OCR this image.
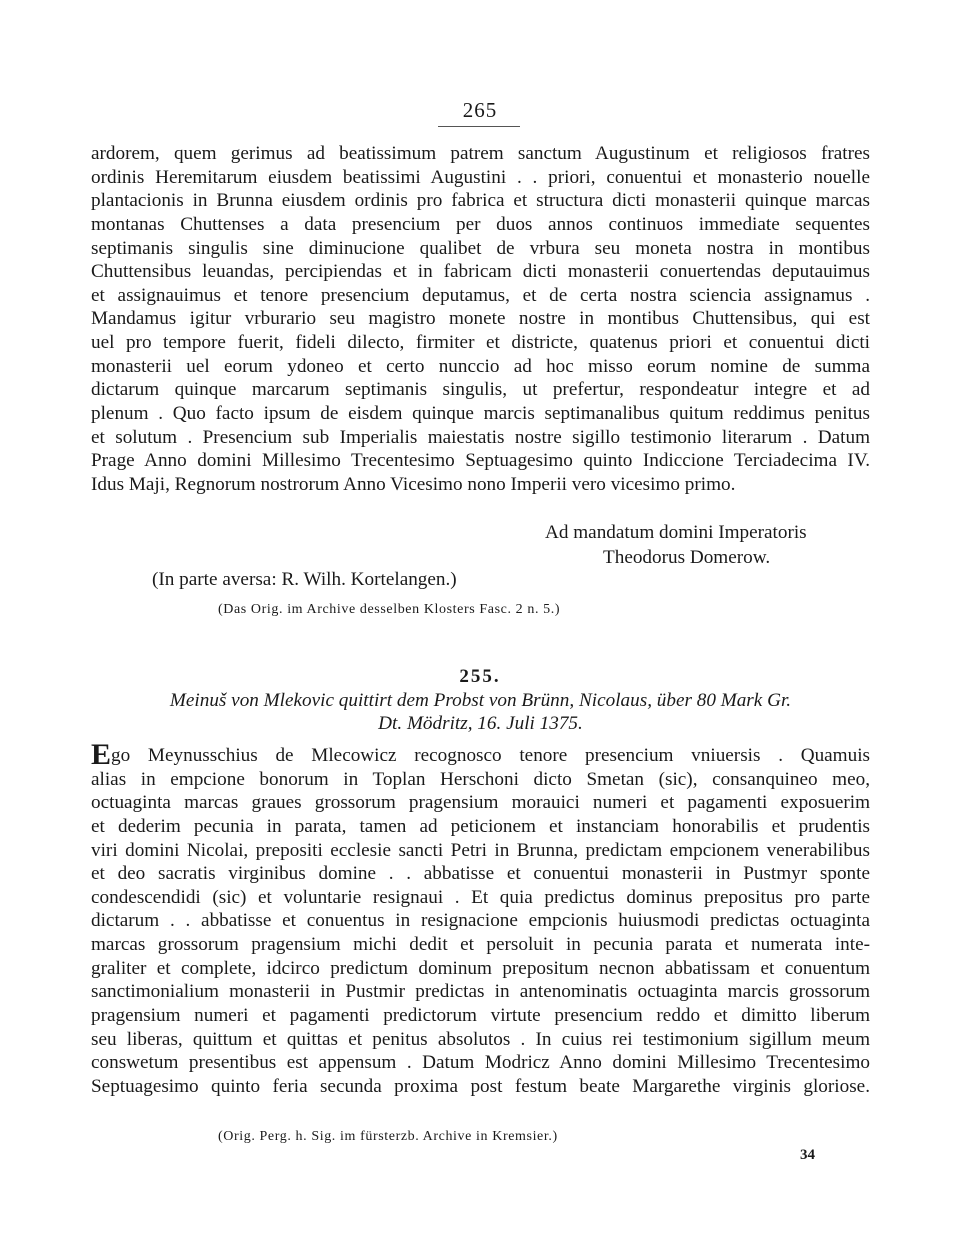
265
ardorem, quem gerimus ad beatissimum patrem sanctum Augustinum et religiosos fratres
ordinis Heremitarum eiusdem beatissimi Augustini . . priori, conuentui et monasterio nouelle
plantacionis in Brunna eiusdem ordinis pro fabrica et structura dicti monasterii quinque marcas
montanas Chuttenses a data presencium per duos annos continuos immediate sequentes
septimanis singulis sine diminucione qualibet de vrbura seu moneta nostra in montibus
Chuttensibus leuandas, percipiendas et in fabricam dicti monasterii conuertendas deputauimus
et assignauimus et tenore presencium deputamus, et de certa nostra sciencia assignamus .
Mandamus igitur vrburario seu magistro monete nostre in montibus Chuttensibus, qui est
uel pro tempore fuerit, fideli dilecto, firmiter et districte, quatenus priori et conuentui dicti
monasterii uel eorum ydoneo et certo nunccio ad hoc misso eorum nomine de summa
dictarum quinque marcarum septimanis singulis, ut prefertur, respondeatur integre et ad
plenum . Quo facto ipsum de eisdem quinque marcis septimanalibus quitum reddimus penitus
et solutum . Presencium sub Imperialis maiestatis nostre sigillo testimonio literarum . Datum
Prage Anno domini Millesimo Trecentesimo Septuagesimo quinto Indiccione Terciadecima IV.
Idus Maji, Regnorum nostrorum Anno Vicesimo nono Imperii vero vicesimo primo.
Ad mandatum domini Imperatoris
Theodorus Domerow.
(In parte aversa: R. Wilh. Kortelangen.)
(Das Orig. im Archive desselben Klosters Fasc. 2 n. 5.)
255.
Meinuš von Mlekovic quittirt dem Probst von Brünn, Nicolaus, über 80 Mark Gr.
Dt. Mödritz, 16. Juli 1375.
Ego Meynusschius de Mlecowicz recognosco tenore presencium vniuersis . Quamuis
alias in empcione bonorum in Toplan Herschoni dicto Smetan (sic), consanquineo meo,
octuaginta marcas graues grossorum pragensium morauici numeri et pagamenti exposuerim
et dederim pecunia in parata, tamen ad peticionem et instanciam honorabilis et prudentis
viri domini Nicolai, prepositi ecclesie sancti Petri in Brunna, predictam empcionem venerabilibus
et deo sacratis virginibus domine . . abbatisse et conuentui monasterii in Pustmyr sponte
condescendidi (sic) et voluntarie resignaui . Et quia predictus dominus prepositus pro parte
dictarum . . abbatisse et conuentus in resignacione empcionis huiusmodi predictas octuaginta
marcas grossorum pragensium michi dedit et persoluit in pecunia parata et numerata inte-
graliter et complete, idcirco predictum dominum prepositum necnon abbatissam et conuentum
sanctimonialium monasterii in Pustmir predictas in antenominatis octuaginta marcis grossorum
pragensium numeri et pagamenti predictorum virtute presencium reddo et dimitto liberum
seu liberas, quittum et quittas et penitus absolutos . In cuius rei testimonium sigillum meum
conswetum presentibus est appensum . Datum Modricz Anno domini Millesimo Trecentesimo
Septuagesimo quinto feria secunda proxima post festum beate Margarethe virginis gloriose.
(Orig. Perg. h. Sig. im fürsterzb. Archive in Kremsier.)
34
